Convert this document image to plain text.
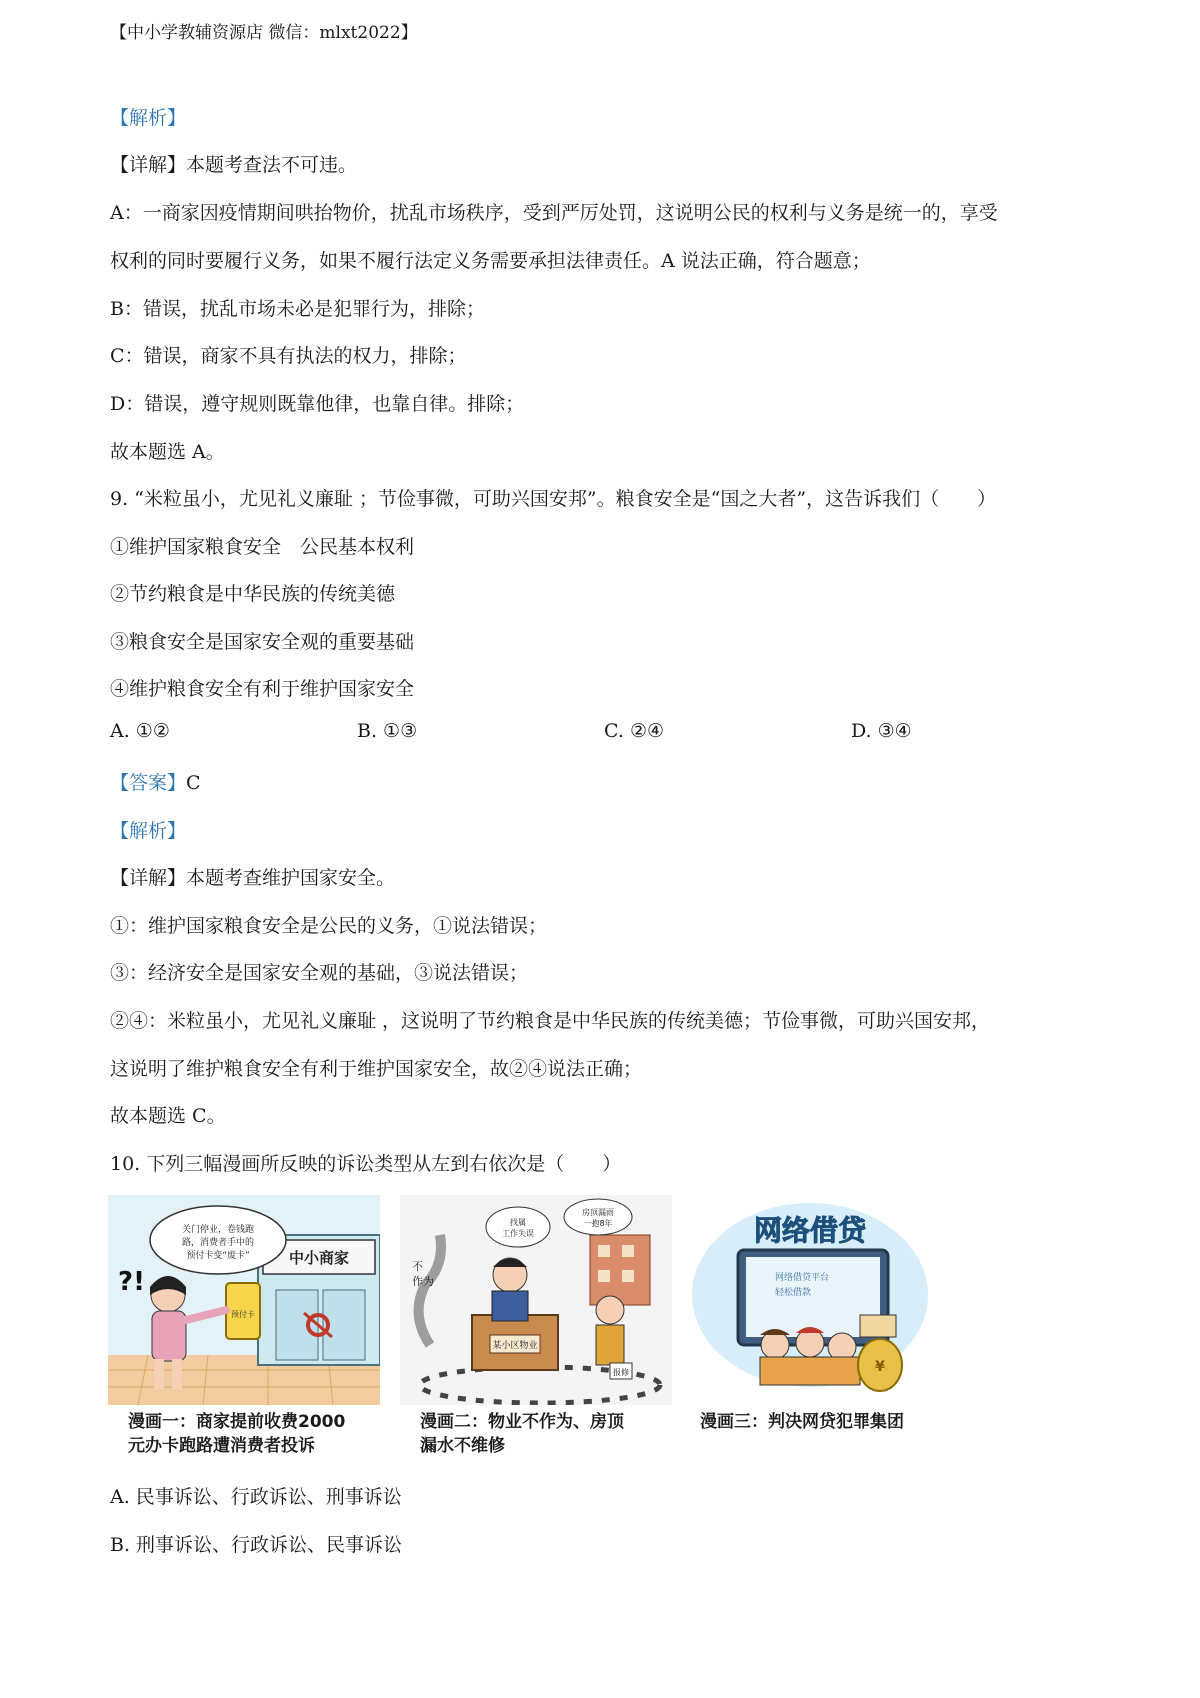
【中小学教辅资源店 微信：mlxt2022】
【解析】
【详解】本题考查法不可违。
A：一商家因疫情期间哄抬物价，扰乱市场秩序，受到严厉处罚，这说明公民的权利与义务是统一的，享受
权利的同时要履行义务，如果不履行法定义务需要承担法律责任。A 说法正确，符合题意；
B：错误，扰乱市场未必是犯罪行为，排除；
C：错误，商家不具有执法的权力，排除；
D：错误，遵守规则既靠他律，也靠自律。排除；
故本题选 A。
9. “米粒虽小，尤见礼义廉耻 ；节俭事微，可助兴国安邦”。粮食安全是“国之大者”，这告诉我们（　　）
①维护国家粮食安全　公民基本权利
②节约粮食是中华民族的传统美德
③粮食安全是国家安全观的重要基础
④维护粮食安全有利于维护国家安全
A. ①②	B. ①③	C. ②④	D. ③④
【答案】C
【解析】
【详解】本题考查维护国家安全。
①：维护国家粮食安全是公民的义务，①说法错误；
③：经济安全是国家安全观的基础，③说法错误；
②④：米粒虽小，尤见礼义廉耻 ，这说明了节约粮食是中华民族的传统美德；节俭事微，可助兴国安邦，
这说明了维护粮食安全有利于维护国家安全，故②④说法正确；
故本题选 C。
10. 下列三幅漫画所反映的诉讼类型从左到右依次是（　　）
中小商家
预付卡
关门停业，卷钱跑
路，消费者手中的
预付卡变“废卡”
?!
漫画一：商家提前收费2000
元办卡跑路遭消费者投诉
某小区物业
报修
不
作为
找属
工作失误
房顶漏雨
一抱8年
漫画二：物业不作为、房顶
漏水不维修
网络借贷平台
轻松借款
网络借贷
¥
漫画三：判决网贷犯罪集团
A. 民事诉讼、行政诉讼、刑事诉讼
B. 刑事诉讼、行政诉讼、民事诉讼
